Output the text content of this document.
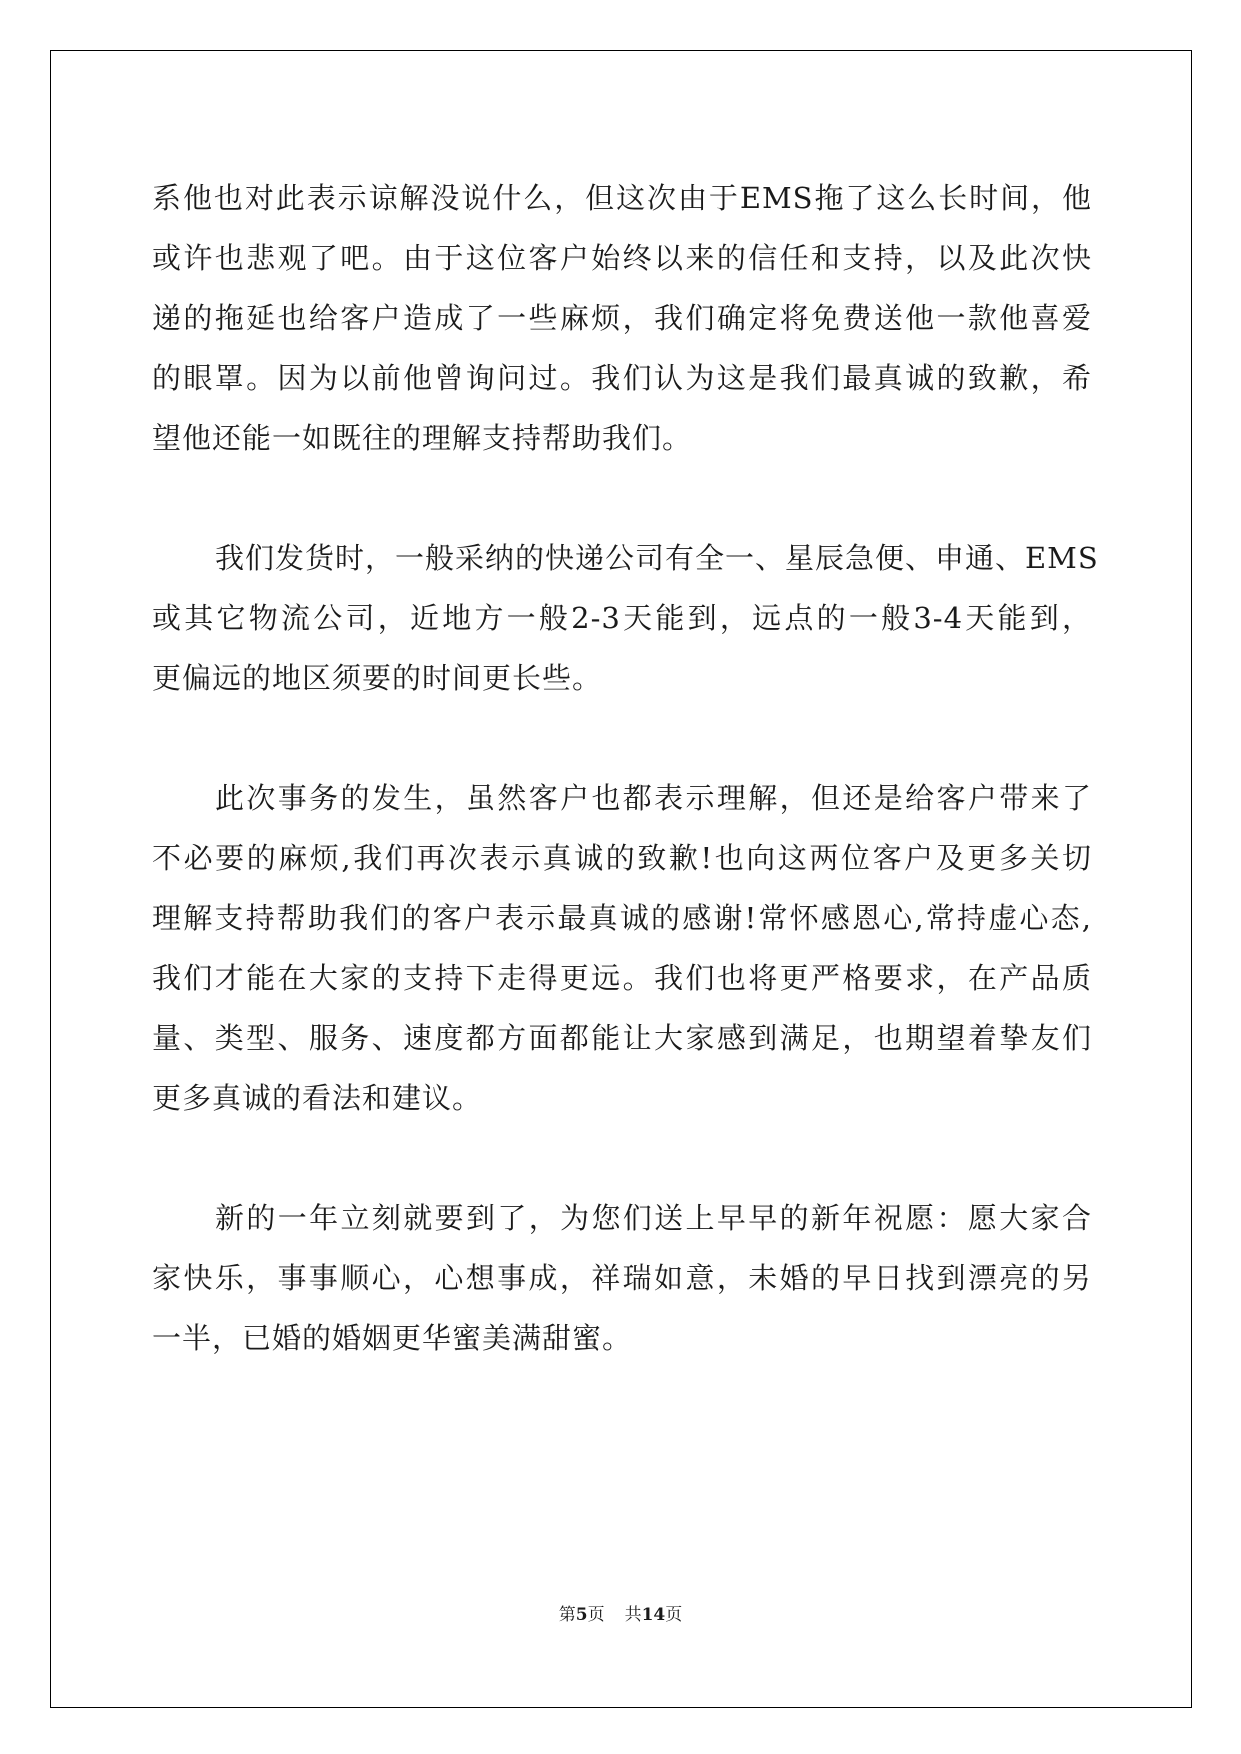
系他也对此表示谅解没说什么，但这次由于EMS拖了这么长时间，他
或许也悲观了吧。由于这位客户始终以来的信任和支持，以及此次快
递的拖延也给客户造成了一些麻烦，我们确定将免费送他一款他喜爱
的眼罩。因为以前他曾询问过。我们认为这是我们最真诚的致歉，希
望他还能一如既往的理解支持帮助我们。
我们发货时，一般采纳的快递公司有全一、星辰急便、申通、EMS
或其它物流公司，近地方一般2-3天能到，远点的一般3-4天能到，
更偏远的地区须要的时间更长些。
此次事务的发生，虽然客户也都表示理解，但还是给客户带来了
不必要的麻烦,我们再次表示真诚的致歉!也向这两位客户及更多关切
理解支持帮助我们的客户表示最真诚的感谢!常怀感恩心,常持虚心态,
我们才能在大家的支持下走得更远。我们也将更严格要求，在产品质
量、类型、服务、速度都方面都能让大家感到满足，也期望着挚友们
更多真诚的看法和建议。
新的一年立刻就要到了，为您们送上早早的新年祝愿：愿大家合
家快乐，事事顺心，心想事成，祥瑞如意，未婚的早日找到漂亮的另
一半，已婚的婚姻更华蜜美满甜蜜。
第5页 共14页
